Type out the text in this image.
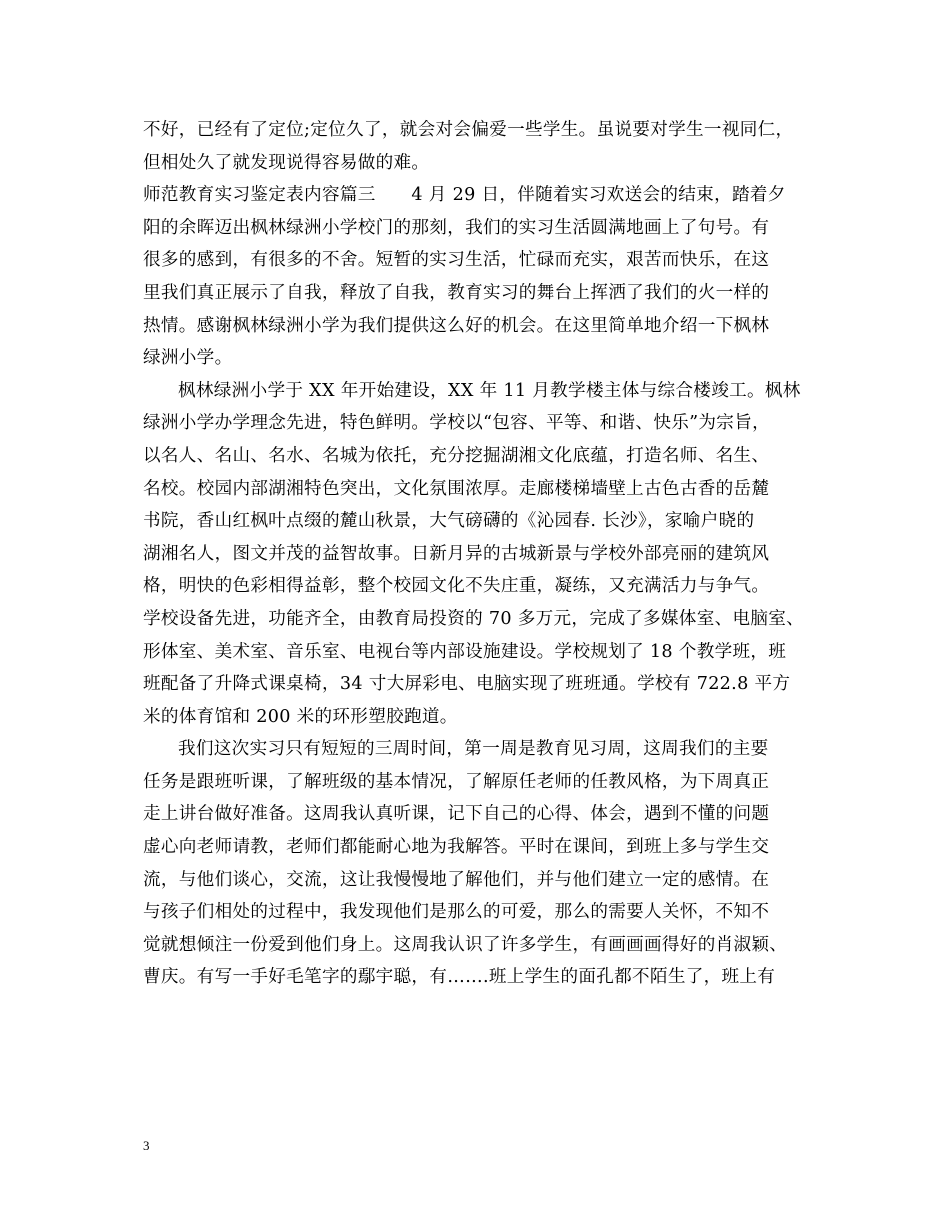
不好，已经有了定位;定位久了，就会对会偏爱一些学生。虽说要对学生一视同仁，
但相处久了就发现说得容易做的难。
师范教育实习鉴定表内容篇三　　4 月 29 日，伴随着实习欢送会的结束，踏着夕
阳的余晖迈出枫林绿洲小学校门的那刻，我们的实习生活圆满地画上了句号。有
很多的感到，有很多的不舍。短暂的实习生活，忙碌而充实，艰苦而快乐，在这
里我们真正展示了自我，释放了自我，教育实习的舞台上挥洒了我们的火一样的
热情。感谢枫林绿洲小学为我们提供这么好的机会。在这里简单地介绍一下枫林
绿洲小学。
枫林绿洲小学于 XX 年开始建设，XX 年 11 月教学楼主体与综合楼竣工。枫林
绿洲小学办学理念先进，特色鲜明。学校以“包容、平等、和谐、快乐”为宗旨，
以名人、名山、名水、名城为依托，充分挖掘湖湘文化底蕴，打造名师、名生、
名校。校园内部湖湘特色突出，文化氛围浓厚。走廊楼梯墙壁上古色古香的岳麓
书院，香山红枫叶点缀的麓山秋景，大气磅礴的《沁园春. 长沙》，家喻户晓的
湖湘名人，图文并茂的益智故事。日新月异的古城新景与学校外部亮丽的建筑风
格，明快的色彩相得益彰，整个校园文化不失庄重，凝练，又充满活力与争气。
学校设备先进，功能齐全，由教育局投资的 70 多万元，完成了多媒体室、电脑室、
形体室、美术室、音乐室、电视台等内部设施建设。学校规划了 18 个教学班，班
班配备了升降式课桌椅，34 寸大屏彩电、电脑实现了班班通。学校有 722.8 平方
米的体育馆和 200 米的环形塑胶跑道。
我们这次实习只有短短的三周时间，第一周是教育见习周，这周我们的主要
任务是跟班听课，了解班级的基本情况，了解原任老师的任教风格，为下周真正
走上讲台做好准备。这周我认真听课，记下自己的心得、体会，遇到不懂的问题
虚心向老师请教，老师们都能耐心地为我解答。平时在课间，到班上多与学生交
流，与他们谈心，交流，这让我慢慢地了解他们，并与他们建立一定的感情。在
与孩子们相处的过程中，我发现他们是那么的可爱，那么的需要人关怀，不知不
觉就想倾注一份爱到他们身上。这周我认识了许多学生，有画画画得好的肖淑颖、
曹庆。有写一手好毛笔字的鄢宇聪，有…….班上学生的面孔都不陌生了，班上有
3
